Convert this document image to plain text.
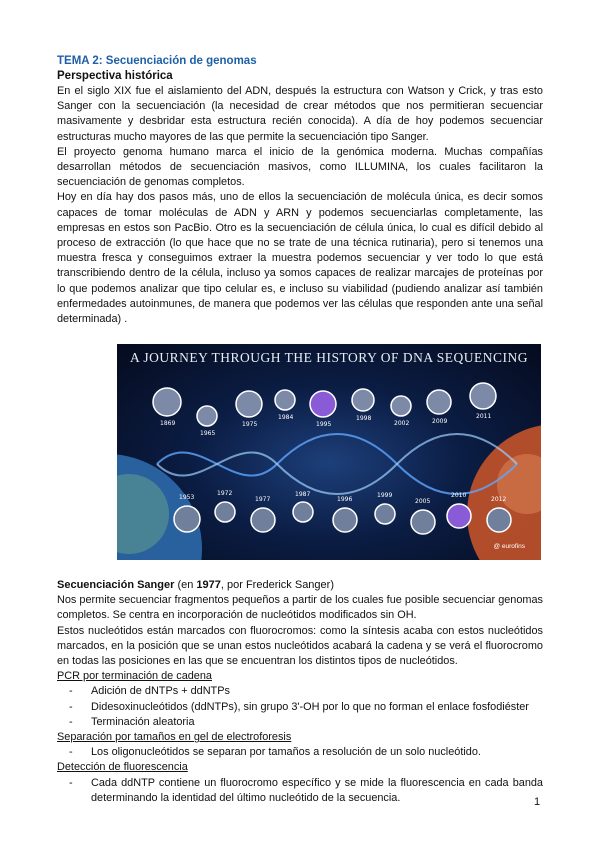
TEMA 2: Secuenciación de genomas
Perspectiva histórica

En el siglo XIX fue el aislamiento del ADN, después la estructura con Watson y Crick, y tras esto Sanger con la secuenciación (la necesidad de crear métodos que nos permitieran secuenciar masivamente y desbridar esta estructura recién conocida). A día de hoy podemos secuenciar estructuras mucho mayores de las que permite la secuenciación tipo Sanger.

El proyecto genoma humano marca el inicio de la genómica moderna. Muchas compañías desarrollan métodos de secuenciación masivos, como ILLUMINA, los cuales facilitaron la secuenciación de genomas completos.

Hoy en día hay dos pasos más, uno de ellos la secuenciación de molécula única, es decir somos capaces de tomar moléculas de ADN y ARN y podemos secuenciarlas completamente, las empresas en estos son PacBio. Otro es la secuenciación de célula única, lo cual es difícil debido al proceso de extracción (lo que hace que no se trate de una técnica rutinaria), pero si tenemos una muestra fresca y conseguimos extraer la muestra podemos secuenciar y ver todo lo que está transcribiendo dentro de la célula, incluso ya somos capaces de realizar marcajes de proteínas por lo que podemos analizar que tipo celular es, e incluso su viabilidad (pudiendo analizar así también enfermedades autoinmunes, de manera que podemos ver las células que responden ante una señal determinada) .

A JOURNEY THROUGH THE HISTORY OF DNA SEQUENCING
1869
1965
1975
1984
1995
1998
2002	2009
2011
1953
1972
1977
1987
1996
1999
2005
2010
2012
@ eurofins
Secuenciación Sanger (en 1977, por Frederick Sanger)

Nos permite secuenciar fragmentos pequeños a partir de los cuales fue posible secuenciar genomas completos. Se centra en incorporación de nucleótidos modificados sin OH.

Estos nucleótidos están marcados con fluorocromos: como la síntesis acaba con estos nucleótidos marcados, en la posición que se unan estos nucleótidos acabará la cadena y se verá el fluorocromo en todas las posiciones en las que se encuentran los distintos tipos de nucleótidos.

PCR por terminación de cadena
- Adición de dNTPs + ddNTPs
- Didesoxinucleótidos (ddNTPs), sin grupo 3'-OH por lo que no forman el enlace fosfodiéster
- Terminación aleatoria
Separación por tamaños en gel de electroforesis
- Los oligonucleótidos se separan por tamaños a resolución de un solo nucleótido.
Detección de fluorescencia
- Cada ddNTP contiene un fluorocromo específico y se mide la fluorescencia en cada banda determinando la identidad del último nucleótido de la secuencia.	1
